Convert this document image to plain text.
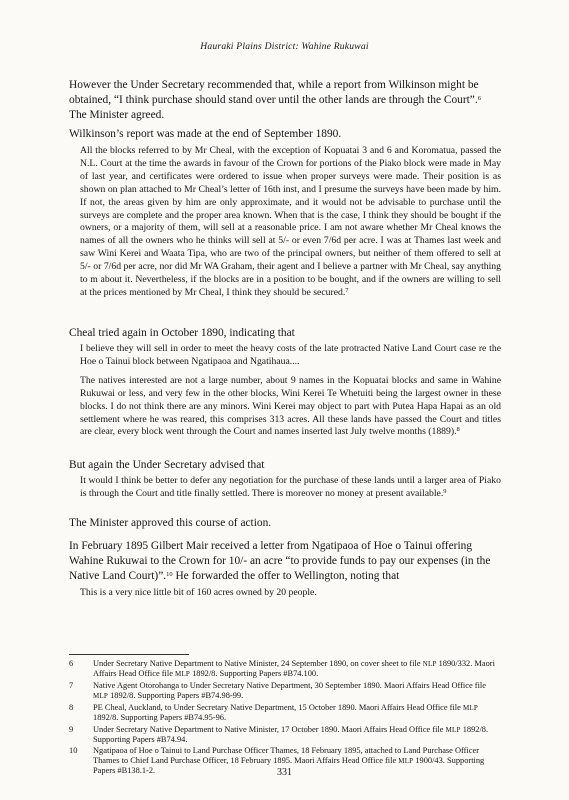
Hauraki Plains District: Wahine Rukuwai

However the Under Secretary recommended that, while a report from Wilkinson might be obtained, “I think purchase should stand over until the other lands are through the Court”.$^6$

The Minister agreed.

Wilkinson’s report was made at the end of September 1890.

All the blocks referred to by Mr Cheal, with the exception of Kopuatai 3 and 6 and Koromatua, passed the N.L. Court at the time the awards in favour of the Crown for portions of the Piako block were made in May of last year, and certificates were ordered to issue when proper surveys were made. Their position is as shown on plan attached to Mr Cheal’s letter of 16th inst, and I presume the surveys have been made by him. If not, the areas given by him are only approximate, and it would not be advisable to purchase until the surveys are complete and the proper area known. When that is the case, I think they should be bought if the owners, or a majority of them, will sell at a reasonable price. I am not aware whether Mr Cheal knows the names of all the owners who he thinks will sell at 5/- or even 7/6d per acre. I was at Thames last week and saw Wini Kerei and Waata Tipa, who are two of the principal owners, but neither of them offered to sell at 5/- or 7/6d per acre, nor did Mr WA Graham, their agent and I believe a partner with Mr Cheal, say anything to m about it. Nevertheless, if the blocks are in a position to be bought, and if the owners are willing to sell at the prices mentioned by Mr Cheal, I think they should be secured.$^7$

Cheal tried again in October 1890, indicating that

I believe they will sell in order to meet the heavy costs of the late protracted Native Land Court case re the Hoe o Tainui block between Ngatipaoa and Ngatihaua....

The natives interested are not a large number, about 9 names in the Kopuatai blocks and same in Wahine Rukuwai or less, and very few in the other blocks, Wini Kerei Te Whetuiti being the largest owner in these blocks. I do not think there are any minors. Wini Kerei may object to part with Putea Hapa Hapai as an old settlement where he was reared, this comprises 313 acres. All these lands have passed the Court and titles are clear, every block went through the Court and names inserted last July twelve months (1889).$^8$

But again the Under Secretary advised that

It would I think be better to defer any negotiation for the purchase of these lands until a larger area of Piako is through the Court and title finally settled. There is moreover no money at present available.$^9$

The Minister approved this course of action.

In February 1895 Gilbert Mair received a letter from Ngatipaoa of Hoe o Tainui offering Wahine Rukuwai to the Crown for 10/- an acre “to provide funds to pay our expenses (in the Native Land Court)”.$^{10}$ He forwarded the offer to Wellington, noting that

This is a very nice little bit of 160 acres owned by 20 people.

6	Under Secretary Native Department to Native Minister, 24 September 1890, on cover sheet to file NLP 1890/332. Maori Affairs Head Office file MLP 1892/8. Supporting Papers #B74.100.
7	Native Agent Otorohanga to Under Secretary Native Department, 30 September 1890. Maori Affairs Head Office file MLP 1892/8. Supporting Papers #B74.98-99.
8	PE Cheal, Auckland, to Under Secretary Native Department, 15 October 1890. Maori Affairs Head Office file MLP 1892/8. Supporting Papers #B74.95-96.
9	Under Secretary Native Department to Native Minister, 17 October 1890. Maori Affairs Head Office file MLP 1892/8. Supporting Papers #B74.94.
10	Ngatipaoa of Hoe o Tainui to Land Purchase Officer Thames, 18 February 1895, attached to Land Purchase Officer Thames to Chief Land Purchase Officer, 18 February 1895. Maori Affairs Head Office file MLP 1900/43. Supporting Papers #B138.1-2.	331
